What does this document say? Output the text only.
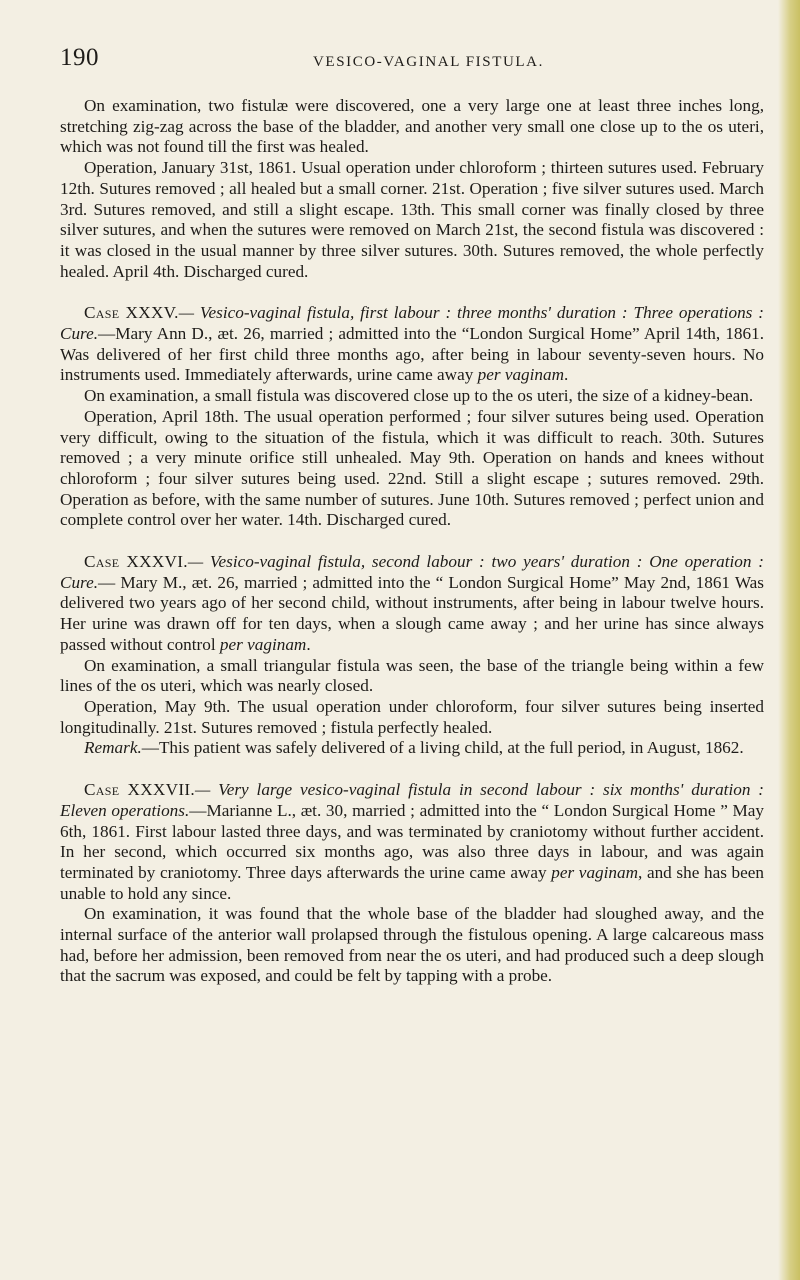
190	VESICO-VAGINAL FISTULA.

On examination, two fistulæ were discovered, one a very large one at least three inches long, stretching zig-zag across the base of the bladder, and another very small one close up to the os uteri, which was not found till the first was healed.

Operation, January 31st, 1861. Usual operation under chloroform ; thirteen sutures used. February 12th. Sutures removed ; all healed but a small corner. 21st. Operation ; five silver sutures used. March 3rd. Sutures removed, and still a slight escape. 13th. This small corner was finally closed by three silver sutures, and when the sutures were removed on March 21st, the second fistula was discovered : it was closed in the usual manner by three silver sutures. 30th. Sutures removed, the whole perfectly healed. April 4th. Discharged cured.

Case XXXV.— Vesico-vaginal fistula, first labour : three months' duration : Three operations : Cure.—Mary Ann D., æt. 26, married ; admitted into the “London Surgical Home” April 14th, 1861. Was delivered of her first child three months ago, after being in labour seventy-seven hours. No instruments used. Immediately afterwards, urine came away per vaginam.

On examination, a small fistula was discovered close up to the os uteri, the size of a kidney-bean.

Operation, April 18th. The usual operation performed ; four silver sutures being used. Operation very difficult, owing to the situation of the fistula, which it was difficult to reach. 30th. Sutures removed ; a very minute orifice still unhealed. May 9th. Operation on hands and knees without chloroform ; four silver sutures being used. 22nd. Still a slight escape ; sutures removed. 29th. Operation as before, with the same number of sutures. June 10th. Sutures removed ; perfect union and complete control over her water. 14th. Discharged cured.

Case XXXVI.— Vesico-vaginal fistula, second labour : two years' duration : One operation : Cure.— Mary M., æt. 26, married ; admitted into the “ London Surgical Home” May 2nd, 1861 Was delivered two years ago of her second child, without instruments, after being in labour twelve hours. Her urine was drawn off for ten days, when a slough came away ; and her urine has since always passed without control per vaginam.

On examination, a small triangular fistula was seen, the base of the triangle being within a few lines of the os uteri, which was nearly closed.

Operation, May 9th. The usual operation under chloroform, four silver sutures being inserted longitudinally. 21st. Sutures removed ; fistula perfectly healed.

Remark.—This patient was safely delivered of a living child, at the full period, in August, 1862.

Case XXXVII.— Very large vesico-vaginal fistula in second labour : six months' duration : Eleven operations.—Marianne L., æt. 30, married ; admitted into the “ London Surgical Home ” May 6th, 1861. First labour lasted three days, and was terminated by craniotomy without further accident. In her second, which occurred six months ago, was also three days in labour, and was again terminated by craniotomy. Three days afterwards the urine came away per vaginam, and she has been unable to hold any since.

On examination, it was found that the whole base of the bladder had sloughed away, and the internal surface of the anterior wall prolapsed through the fistulous opening. A large calcareous mass had, before her admission, been removed from near the os uteri, and had produced such a deep slough that the sacrum was exposed, and could be felt by tapping with a probe.
